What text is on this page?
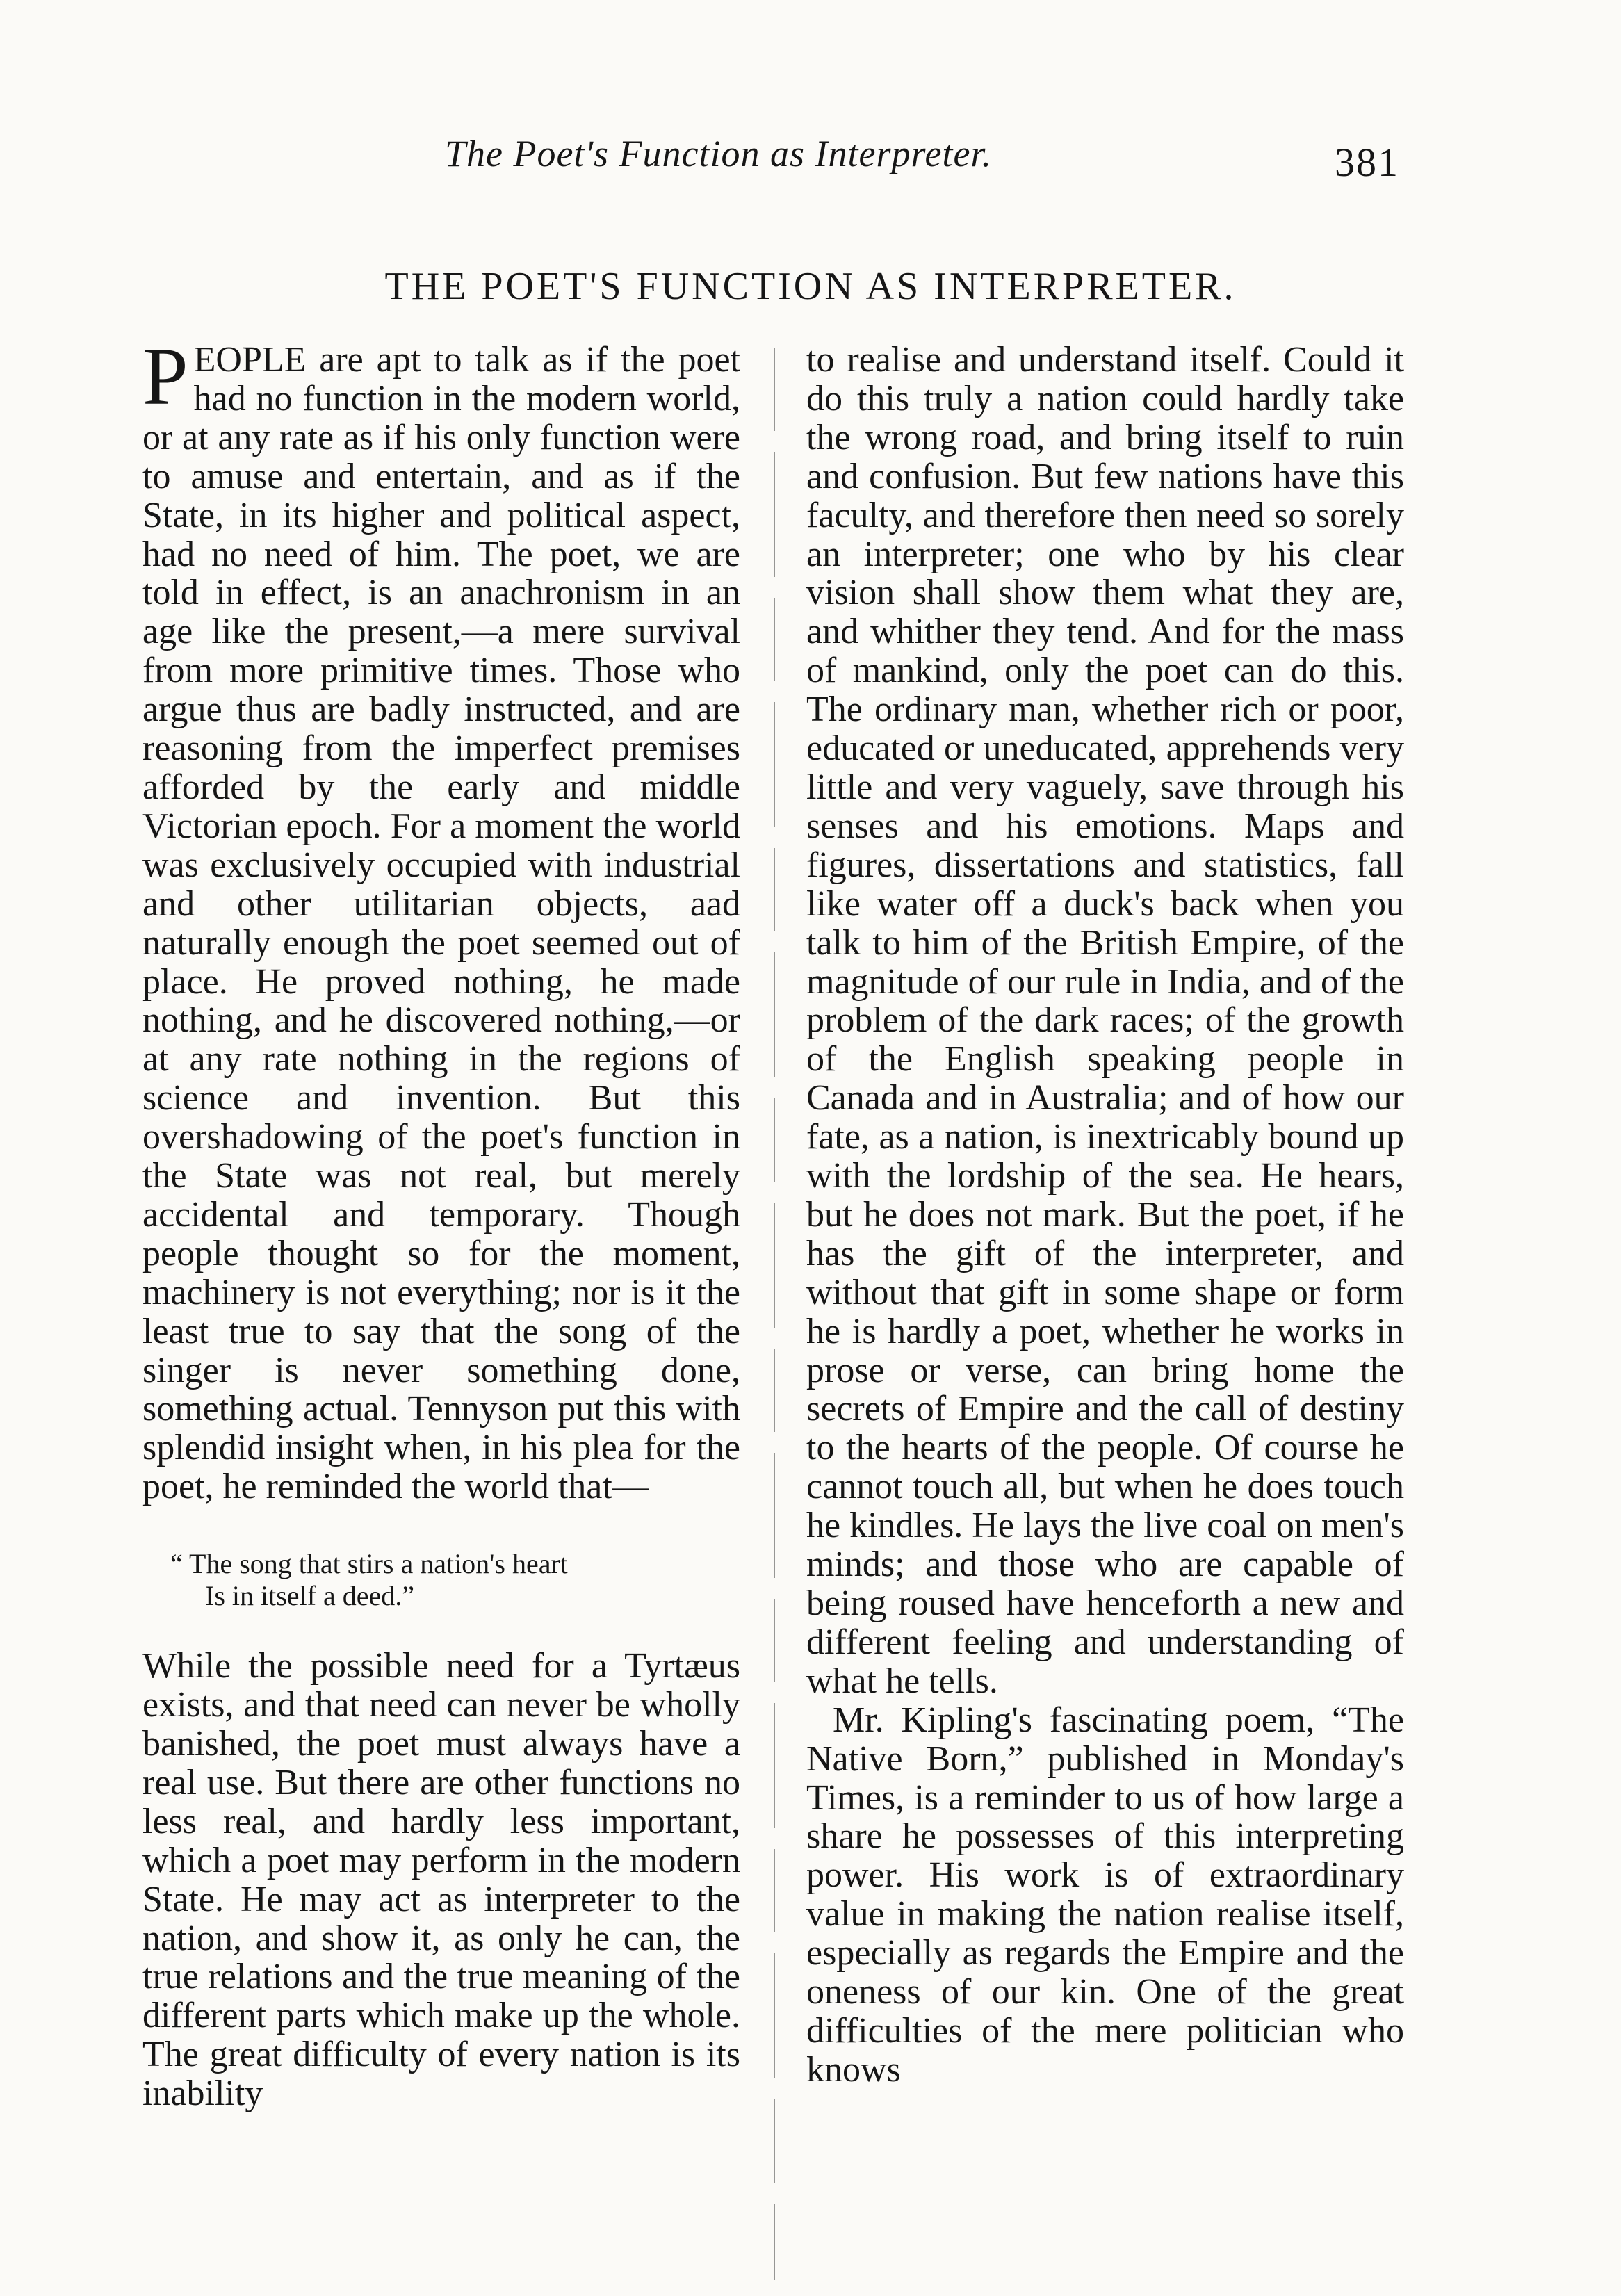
The Poet's Function as Interpreter.	381
THE POET'S FUNCTION AS INTERPRETER.

PEOPLE are apt to talk as if the poet had no function in the modern world, or at any rate as if his only function were to amuse and entertain, and as if the State, in its higher and political aspect, had no need of him. The poet, we are told in effect, is an anachronism in an age like the present,—a mere survival from more primitive times. Those who argue thus are badly instructed, and are reasoning from the imperfect premises afforded by the early and middle Victorian epoch. For a moment the world was exclusively occupied with industrial and other utilitarian objects, aad naturally enough the poet seemed out of place. He proved nothing, he made nothing, and he discovered nothing,—or at any rate nothing in the regions of science and invention. But this overshadowing of the poet's function in the State was not real, but merely accidental and temporary. Though people thought so for the moment, machinery is not everything; nor is it the least true to say that the song of the singer is never something done, something actual. Tennyson put this with splendid insight when, in his plea for the poet, he reminded the world that—

“ The song that stirs a nation's heart
Is in itself a deed.”

While the possible need for a Tyrtæus exists, and that need can never be wholly banished, the poet must always have a real use. But there are other functions no less real, and hardly less important, which a poet may perform in the modern State. He may act as interpreter to the nation, and show it, as only he can, the true relations and the true meaning of the different parts which make up the whole. The great difficulty of every nation is its inability

to realise and understand itself. Could it do this truly a nation could hardly take the wrong road, and bring itself to ruin and confusion. But few nations have this faculty, and therefore then need so sorely an interpreter; one who by his clear vision shall show them what they are, and whither they tend. And for the mass of mankind, only the poet can do this. The ordinary man, whether rich or poor, educated or uneducated, apprehends very little and very vaguely, save through his senses and his emotions. Maps and figures, dissertations and statistics, fall like water off a duck's back when you talk to him of the British Empire, of the magnitude of our rule in India, and of the problem of the dark races; of the growth of the English speaking people in Canada and in Australia; and of how our fate, as a nation, is inextricably bound up with the lordship of the sea. He hears, but he does not mark. But the poet, if he has the gift of the interpreter, and without that gift in some shape or form he is hardly a poet, whether he works in prose or verse, can bring home the secrets of Empire and the call of destiny to the hearts of the people. Of course he cannot touch all, but when he does touch he kindles. He lays the live coal on men's minds; and those who are capable of being roused have henceforth a new and different feeling and understanding of what he tells.

Mr. Kipling's fascinating poem, “The Native Born,” published in Monday's Times, is a reminder to us of how large a share he possesses of this interpreting power. His work is of extraordinary value in making the nation realise itself, especially as regards the Empire and the oneness of our kin. One of the great difficulties of the mere politician who knows
